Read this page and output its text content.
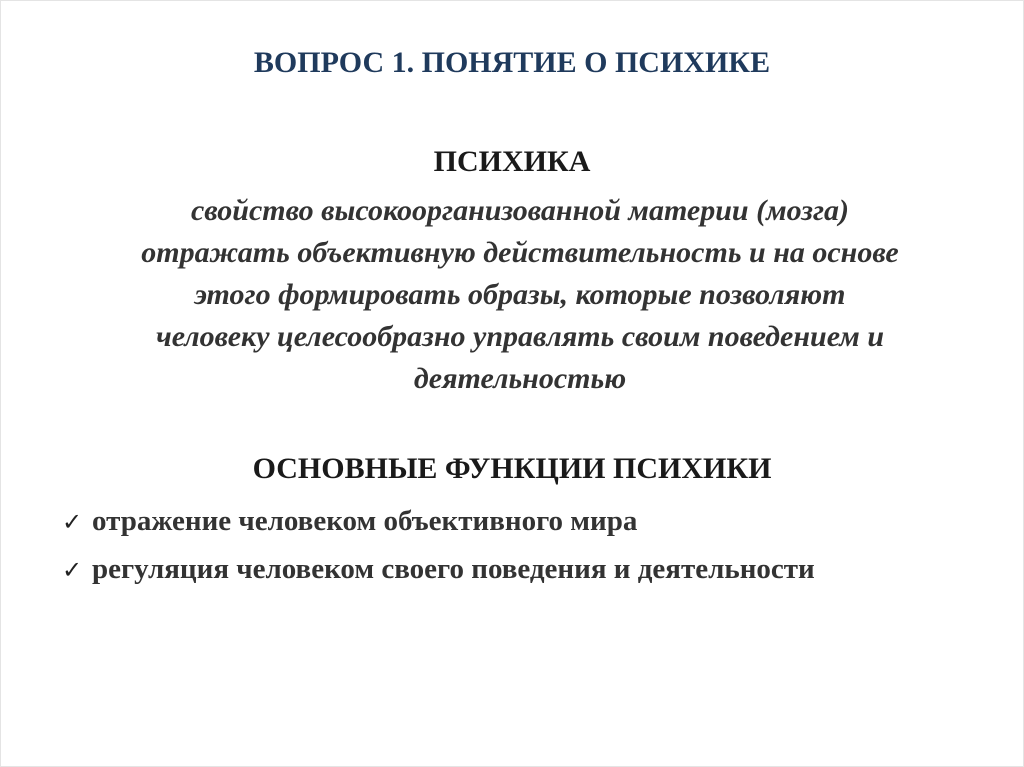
ВОПРОС 1. ПОНЯТИЕ О ПСИХИКЕ
ПСИХИКА
свойство высокоорганизованной материи (мозга)
отражать объективную действительность и на основе
этого формировать образы, которые позволяют
человеку целесообразно управлять своим поведением и
деятельностью
ОСНОВНЫЕ ФУНКЦИИ ПСИХИКИ
✓ отражение человеком объективного мира
✓ регуляция человеком своего поведения и деятельности
